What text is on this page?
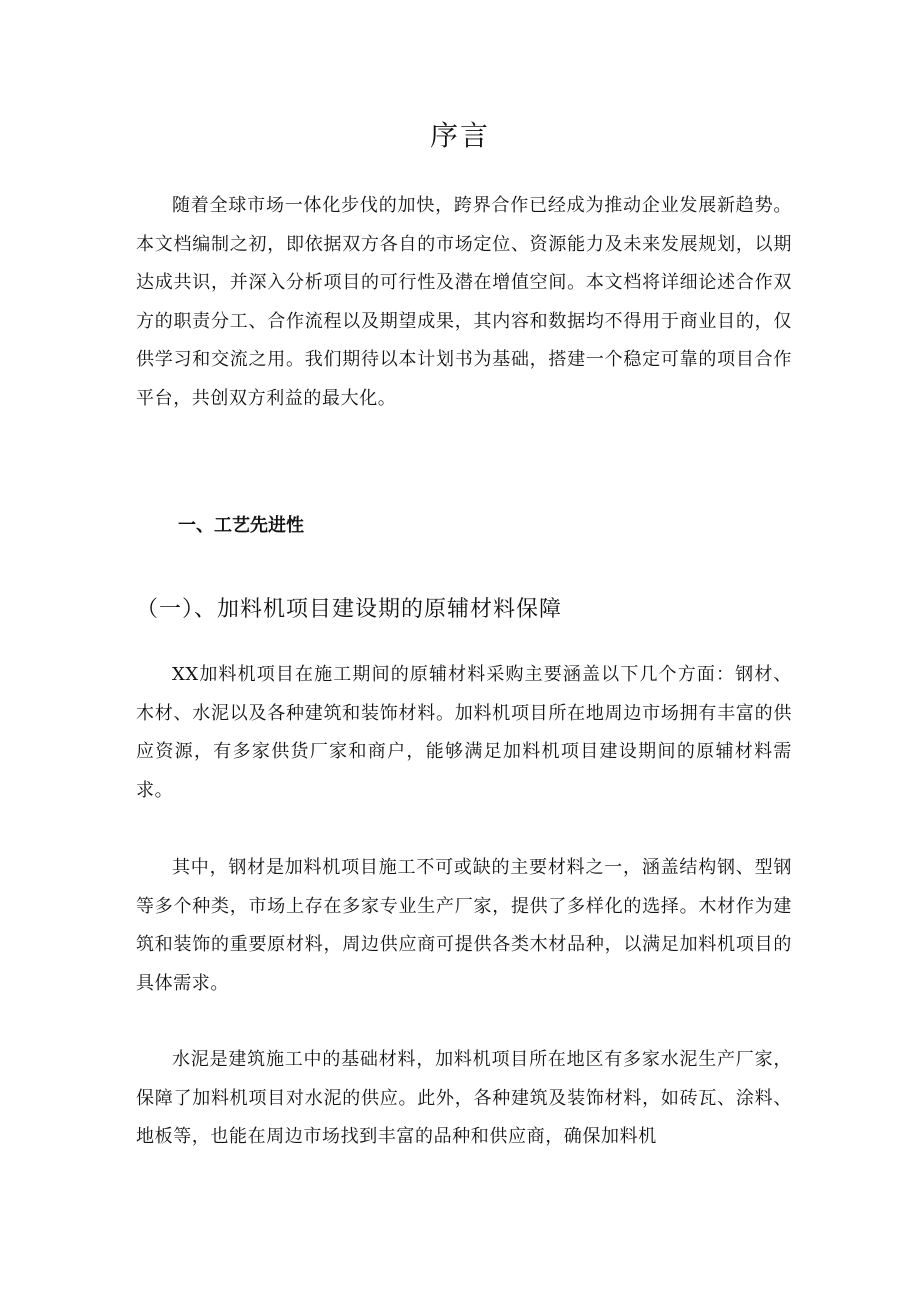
序言

随着全球市场一体化步伐的加快，跨界合作已经成为推动企业发展新趋势。本文档编制之初，即依据双方各自的市场定位、资源能力及未来发展规划，以期达成共识，并深入分析项目的可行性及潜在增值空间。本文档将详细论述合作双方的职责分工、合作流程以及期望成果，其内容和数据均不得用于商业目的，仅供学习和交流之用。我们期待以本计划书为基础，搭建一个稳定可靠的项目合作平台，共创双方利益的最大化。

一、工艺先进性
（一）、加料机项目建设期的原辅材料保障

XX加料机项目在施工期间的原辅材料采购主要涵盖以下几个方面：钢材、木材、水泥以及各种建筑和装饰材料。加料机项目所在地周边市场拥有丰富的供应资源，有多家供货厂家和商户，能够满足加料机项目建设期间的原辅材料需求。

其中，钢材是加料机项目施工不可或缺的主要材料之一，涵盖结构钢、型钢等多个种类，市场上存在多家专业生产厂家，提供了多样化的选择。木材作为建筑和装饰的重要原材料，周边供应商可提供各类木材品种，以满足加料机项目的具体需求。

水泥是建筑施工中的基础材料，加料机项目所在地区有多家水泥生产厂家，保障了加料机项目对水泥的供应。此外，各种建筑及装饰材料，如砖瓦、涂料、地板等，也能在周边市场找到丰富的品种和供应商，确保加料机
